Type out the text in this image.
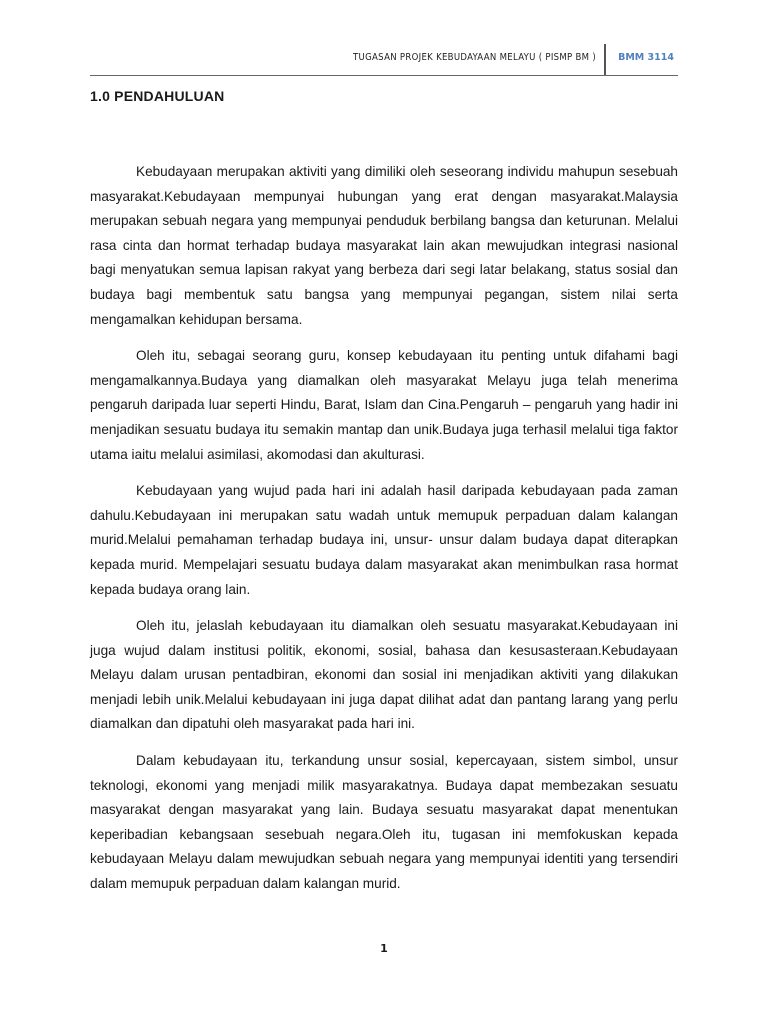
TUGASAN PROJEK KEBUDAYAAN MELAYU ( PISMP BM ) BMM 3114
1.0 PENDAHULUAN

Kebudayaan merupakan aktiviti yang dimiliki oleh seseorang individu mahupun sesebuah masyarakat.Kebudayaan mempunyai hubungan yang erat dengan masyarakat.Malaysia merupakan sebuah negara yang mempunyai penduduk berbilang bangsa dan keturunan. Melalui rasa cinta dan hormat terhadap budaya masyarakat lain akan mewujudkan integrasi nasional bagi menyatukan semua lapisan rakyat yang berbeza dari segi latar belakang, status sosial dan budaya bagi membentuk satu bangsa yang mempunyai pegangan, sistem nilai serta mengamalkan kehidupan bersama.

Oleh itu, sebagai seorang guru, konsep kebudayaan itu penting untuk difahami bagi mengamalkannya.Budaya yang diamalkan oleh masyarakat Melayu juga telah menerima pengaruh daripada luar seperti Hindu, Barat, Islam dan Cina.Pengaruh – pengaruh yang hadir ini menjadikan sesuatu budaya itu semakin mantap dan unik.Budaya juga terhasil melalui tiga faktor utama iaitu melalui asimilasi, akomodasi dan akulturasi.

Kebudayaan yang wujud pada hari ini adalah hasil daripada kebudayaan pada zaman dahulu.Kebudayaan ini merupakan satu wadah untuk memupuk perpaduan dalam kalangan murid.Melalui pemahaman terhadap budaya ini, unsur- unsur dalam budaya dapat diterapkan kepada murid. Mempelajari sesuatu budaya dalam masyarakat akan menimbulkan rasa hormat kepada budaya orang lain.

Oleh itu, jelaslah kebudayaan itu diamalkan oleh sesuatu masyarakat.Kebudayaan ini juga wujud dalam institusi politik, ekonomi, sosial, bahasa dan kesusasteraan.Kebudayaan Melayu dalam urusan pentadbiran, ekonomi dan sosial ini menjadikan aktiviti yang dilakukan menjadi lebih unik.Melalui kebudayaan ini juga dapat dilihat adat dan pantang larang yang perlu diamalkan dan dipatuhi oleh masyarakat pada hari ini.

Dalam kebudayaan itu, terkandung unsur sosial, kepercayaan, sistem simbol, unsur teknologi, ekonomi yang menjadi milik masyarakatnya. Budaya dapat membezakan sesuatu masyarakat dengan masyarakat yang lain. Budaya sesuatu masyarakat dapat menentukan keperibadian kebangsaan sesebuah negara.Oleh itu, tugasan ini memfokuskan kepada kebudayaan Melayu dalam mewujudkan sebuah negara yang mempunyai identiti yang tersendiri dalam memupuk perpaduan dalam kalangan murid.

1
